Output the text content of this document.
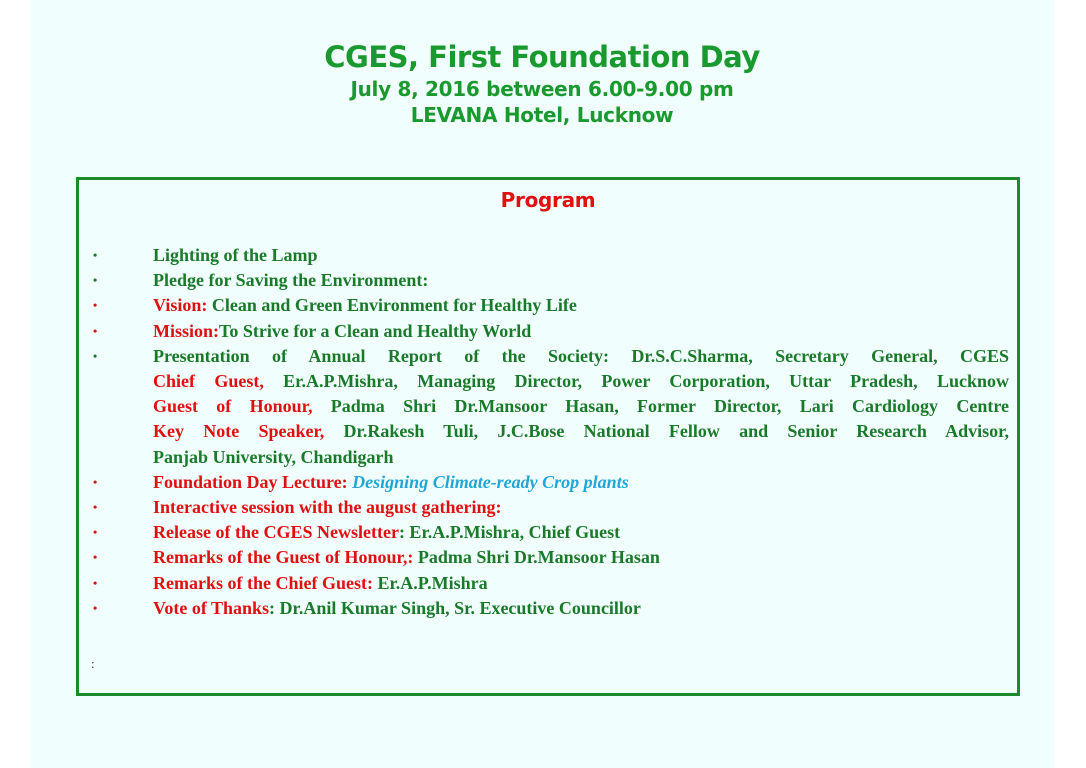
CGES, First Foundation Day
July 8, 2016 between 6.00-9.00 pm
LEVANA Hotel, Lucknow
Program
•	Lighting of the Lamp
•	Pledge for Saving the Environment:
•	Vision: Clean and Green Environment for Healthy Life
•	Mission:To Strive for a Clean and Healthy World
•	Presentation of Annual Report of the Society: Dr.S.C.Sharma, Secretary General, CGES
Chief Guest, Er.A.P.Mishra, Managing Director, Power Corporation, Uttar Pradesh, Lucknow
Guest of Honour, Padma Shri Dr.Mansoor Hasan, Former Director, Lari Cardiology Centre
Key Note Speaker, Dr.Rakesh Tuli, J.C.Bose National Fellow and Senior Research Advisor,
Panjab University, Chandigarh
•	Foundation Day Lecture: Designing Climate-ready Crop plants
•	Interactive session with the august gathering:
•	Release of the CGES Newsletter: Er.A.P.Mishra, Chief Guest
•	Remarks of the Guest of Honour,: Padma Shri Dr.Mansoor Hasan
•	Remarks of the Chief Guest: Er.A.P.Mishra
•	Vote of Thanks: Dr.Anil Kumar Singh, Sr. Executive Councillor
:
